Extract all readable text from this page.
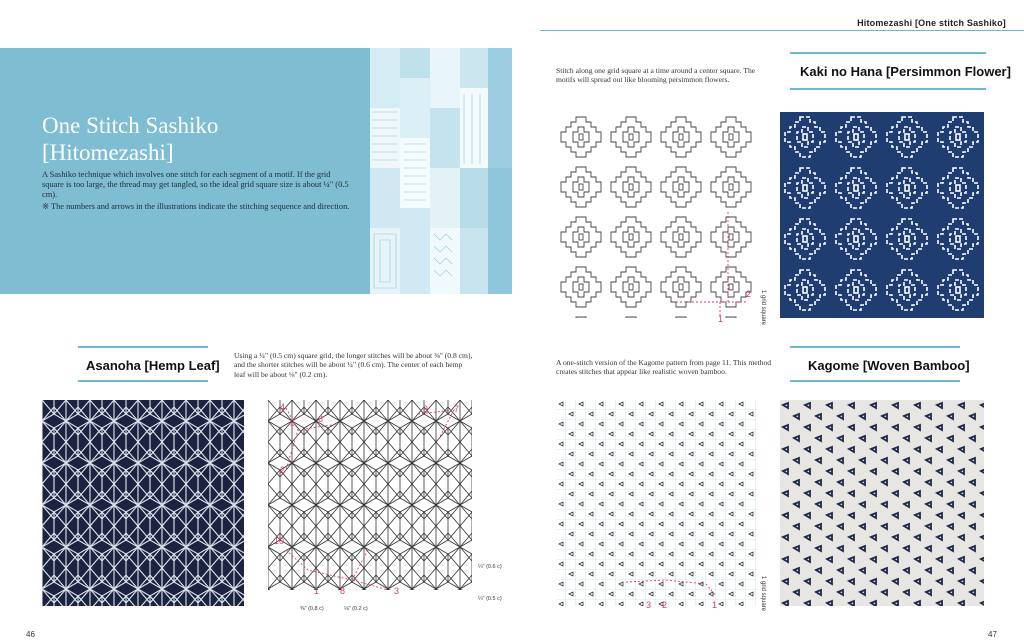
Hitomezashi [One stitch Sashiko]
One Stitch Sashiko
[Hitomezashi]
A Sashiko technique which involves one stitch for each segment of a motif. If the grid square is too large, the thread may get tangled, so the ideal grid square size is about ¼" (0.5 cm).
※ The numbers and arrows in the illustrations indicate the stitching sequence and direction.
Stitch along one grid square at a time around a center square. The motifs will spread out like blooming persimmon flowers.
Kaki no Hana [Persimmon Flower]
2
1	1 grid square
Asanoha [Hemp Leaf]
Using a ¼" (0.5 cm) square grid, the longer stitches will be about ⅜" (0.8 cm), and the shorter stitches will be about ¼" (0.6 cm). The center of each hemp leaf will be about ⅛" (0.2 cm).
4
5	6
9	7
2
10
1 8	3
¼" (0.6 c)
¼" (0.5 c)
⅜" (0.8 c)	⅛" (0.2 c)
A one-stitch version of the Kagome pattern from page 11. This method creates stitches that appear like realistic woven bamboo.	Kagome [Woven Bamboo]
3 2	1	1 grid square
46	47
